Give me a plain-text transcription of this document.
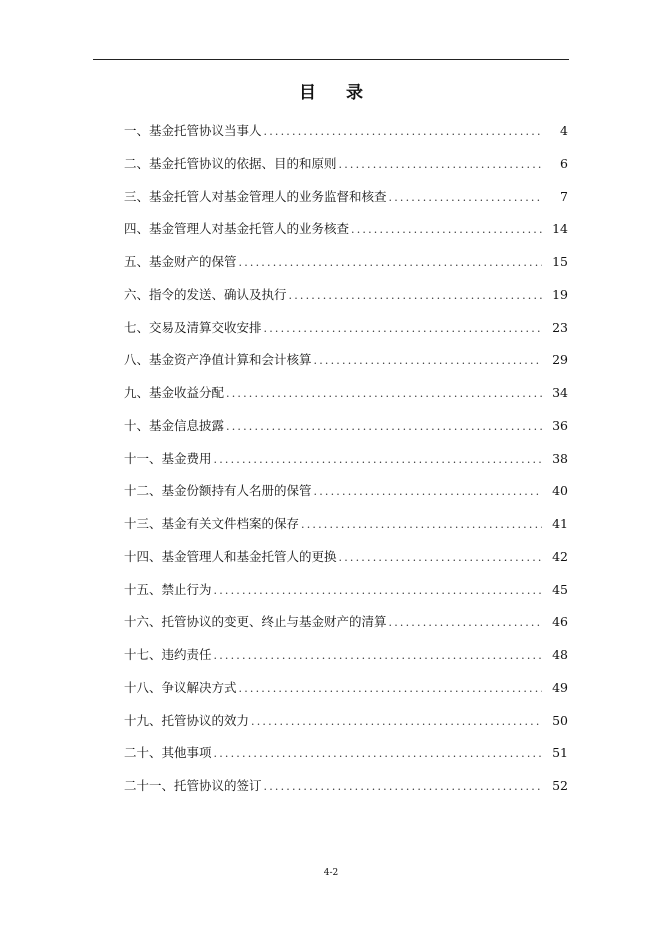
目 录
一、基金托管协议当事人 .....	4
二、基金托管协议的依据、目的和原则 .....	6
三、基金托管人对基金管理人的业务监督和核查 .....	7
四、基金管理人对基金托管人的业务核查 .....	14
五、基金财产的保管 .....	15
六、指令的发送、确认及执行 .....	19
七、交易及清算交收安排 .....	23
八、基金资产净值计算和会计核算 .....	29
九、基金收益分配 .....	34
十、基金信息披露 .....	36
十一、基金费用 .....	38
十二、基金份额持有人名册的保管 .....	40
十三、基金有关文件档案的保存 .....	41
十四、基金管理人和基金托管人的更换 .....	42
十五、禁止行为 .....	45
十六、托管协议的变更、终止与基金财产的清算 .....	46
十七、违约责任 .....	48
十八、争议解决方式 .....	49
十九、托管协议的效力 .....	50
二十、其他事项 .....	51
二十一、托管协议的签订 .....	52
4-2
